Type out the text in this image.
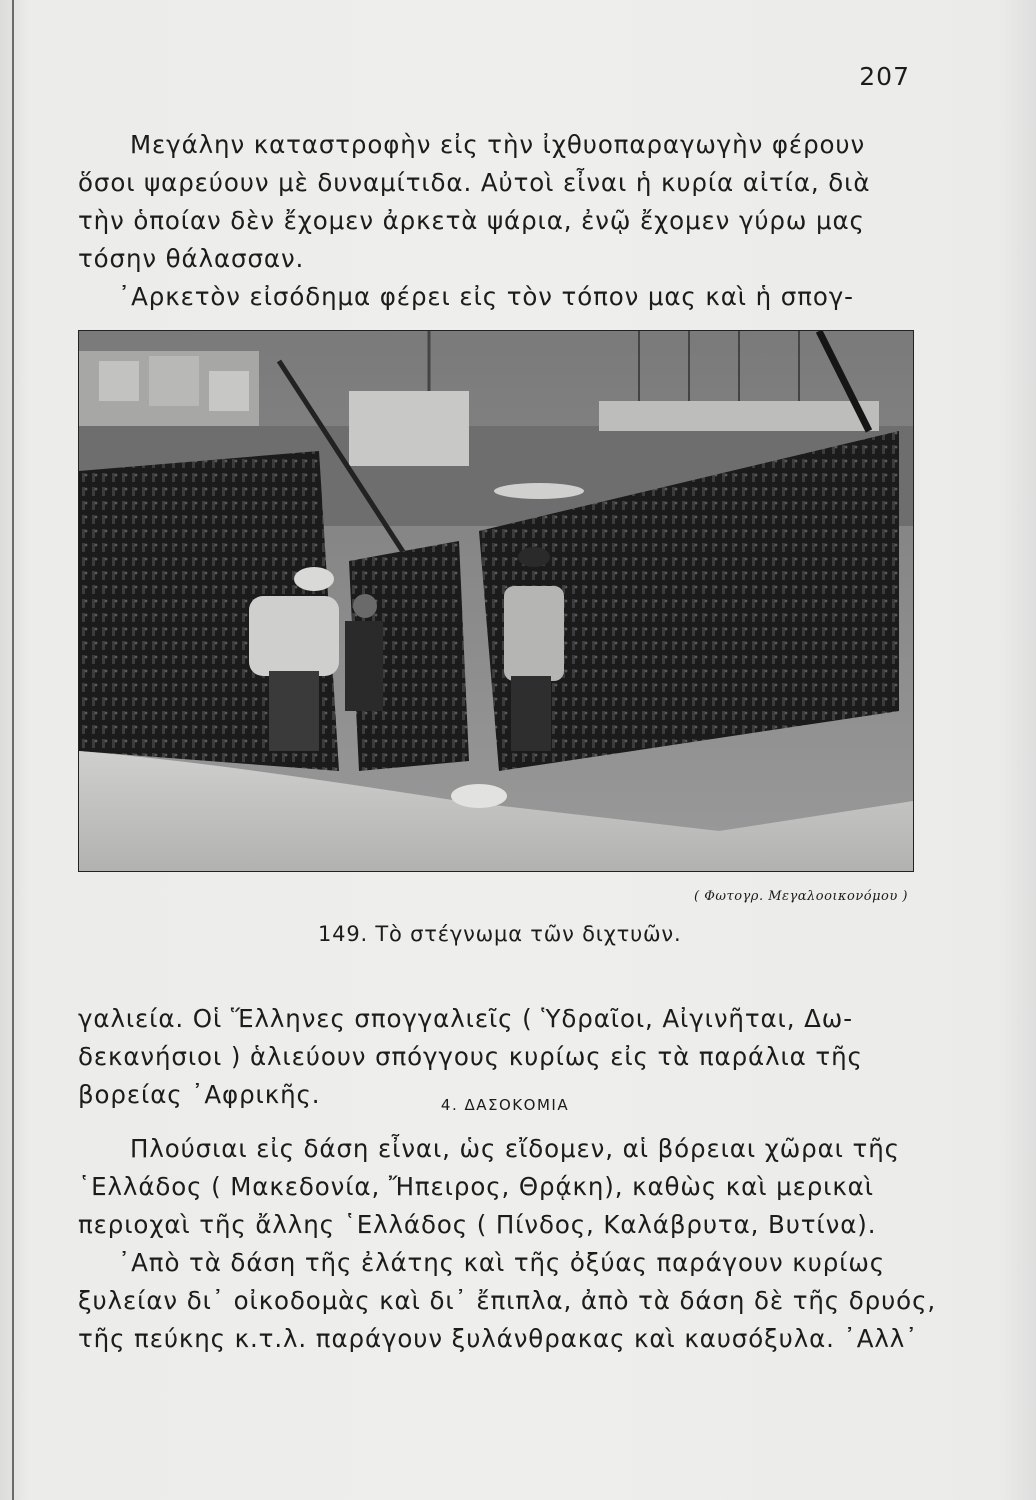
207

Μεγάλην καταστροφὴν εἰς τὴν ἰχθυοπαραγωγὴν φέρουν
ὅσοι ψαρεύουν μὲ δυναμίτιδα. Αὐτοὶ εἶναι ἡ κυρία αἰτία, διὰ
τὴν ὁποίαν δὲν ἔχομεν ἀρκετὰ ψάρια, ἐνῷ ἔχομεν γύρω μας
τόσην θάλασσαν.
᾿Αρκετὸν εἰσόδημα φέρει εἰς τὸν τόπον μας καὶ ἡ σπογ-

( Φωτογρ. Μεγαλοοικονόμου )
149. Τὸ στέγνωμα τῶν διχτυῶν.

γαλιεία. Οἱ Ἕλληνες σπογγαλιεῖς ( Ὑδραῖοι, Αἰγινῆται, Δω-
δεκανήσιοι ) ἁλιεύουν σπόγγους κυρίως εἰς τὰ παράλια τῆς
βορείας ᾿Αφρικῆς.	4. ΔΑΣΟΚΟΜΙΑ

Πλούσιαι εἰς δάση εἶναι, ὡς εἴδομεν, αἱ βόρειαι χῶραι τῆς
῾Ελλάδος ( Μακεδονία, Ἤπειρος, Θρᾴκη), καθὼς καὶ μερικαὶ
περιοχαὶ τῆς ἄλλης ῾Ελλάδος ( Πίνδος, Καλάβρυτα, Βυτίνα).
᾿Απὸ τὰ δάση τῆς ἐλάτης καὶ τῆς ὀξύας παράγουν κυρίως
ξυλείαν δι᾿ οἰκοδομὰς καὶ δι᾿ ἔπιπλα, ἀπὸ τὰ δάση δὲ τῆς δρυός,
τῆς πεύκης κ.τ.λ. παράγουν ξυλάνθρακας καὶ καυσόξυλα. ᾿Αλλ᾿
